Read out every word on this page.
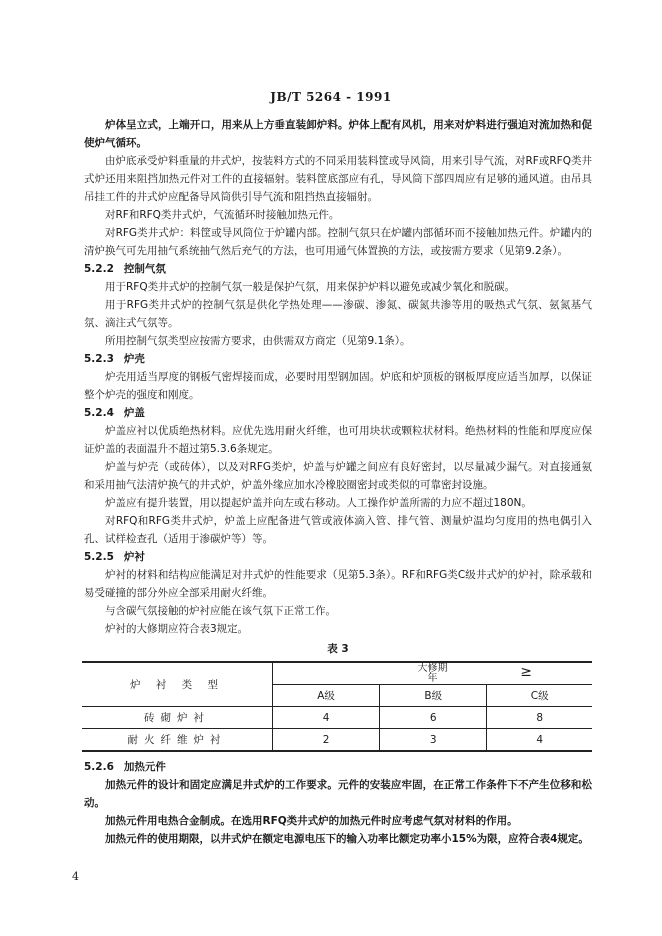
JB/T 5264 - 1991

炉体呈立式，上端开口，用来从上方垂直装卸炉料。炉体上配有风机，用来对炉料进行强迫对流加热和促使炉气循环。

由炉底承受炉料重量的井式炉，按装料方式的不同采用装料筐或导风筒，用来引导气流，对RF或RFQ类井式炉还用来阻挡加热元件对工件的直接辐射。装料筐底部应有孔，导风筒下部四周应有足够的通风道。由吊具吊挂工件的井式炉应配备导风筒供引导气流和阻挡热直接辐射。

对RF和RFQ类井式炉，气流循环时接触加热元件。

对RFG类井式炉：料筐或导风筒位于炉罐内部。控制气氛只在炉罐内部循环而不接触加热元件。炉罐内的清炉换气可先用抽气系统抽气然后充气的方法，也可用通气体置换的方法，或按需方要求（见第9.2条）。

5.2.2 控制气氛

用于RFQ类井式炉的控制气氛一般是保护气氛，用来保护炉料以避免或减少氧化和脱碳。

用于RFG类井式炉的控制气氛是供化学热处理——渗碳、渗氮、碳氮共渗等用的吸热式气氛、氨氮基气氛、滴注式气氛等。

所用控制气氛类型应按需方要求，由供需双方商定（见第9.1条）。

5.2.3 炉壳

炉壳用适当厚度的钢板气密焊接而成，必要时用型钢加固。炉底和炉顶板的钢板厚度应适当加厚，以保证整个炉壳的强度和刚度。

5.2.4 炉盖

炉盖应衬以优质绝热材料。应优先选用耐火纤维，也可用块状或颗粒状材料。绝热材料的性能和厚度应保证炉盖的表面温升不超过第5.3.6条规定。

炉盖与炉壳（或砖体），以及对RFG类炉，炉盖与炉罐之间应有良好密封，以尽量减少漏气。对直接通氨和采用抽气法清炉换气的井式炉，炉盖外缘应加水冷橡胶圈密封或类似的可靠密封设施。

炉盖应有提升装置，用以提起炉盖并向左或右移动。人工操作炉盖所需的力应不超过180N。

对RFQ和RFG类井式炉，炉盖上应配备进气管或液体滴入管、排气管、测量炉温均匀度用的热电偶引入孔、试样检查孔（适用于渗碳炉等）等。

5.2.5 炉衬

炉衬的材料和结构应能满足对井式炉的性能要求（见第5.3条）。RF和RFG类C级井式炉的炉衬，除承载和易受碰撞的部分外应全部采用耐火纤维。

与含碳气氛接触的炉衬应能在该气氛下正常工作。

炉衬的大修期应符合表3规定。

表 3
炉 衬 类 型	大修期
年 ≥		

	A级	B级	C级
砖砌炉衬	4	6	8
耐火纤维炉衬	2	3	4

5.2.6 加热元件

加热元件的设计和固定应满足井式炉的工作要求。元件的安装应牢固，在正常工作条件下不产生位移和松动。

加热元件用电热合金制成。在选用RFQ类井式炉的加热元件时应考虑气氛对材料的作用。

加热元件的使用期限，以井式炉在额定电源电压下的输入功率比额定功率小15%为限，应符合表4规定。

4
